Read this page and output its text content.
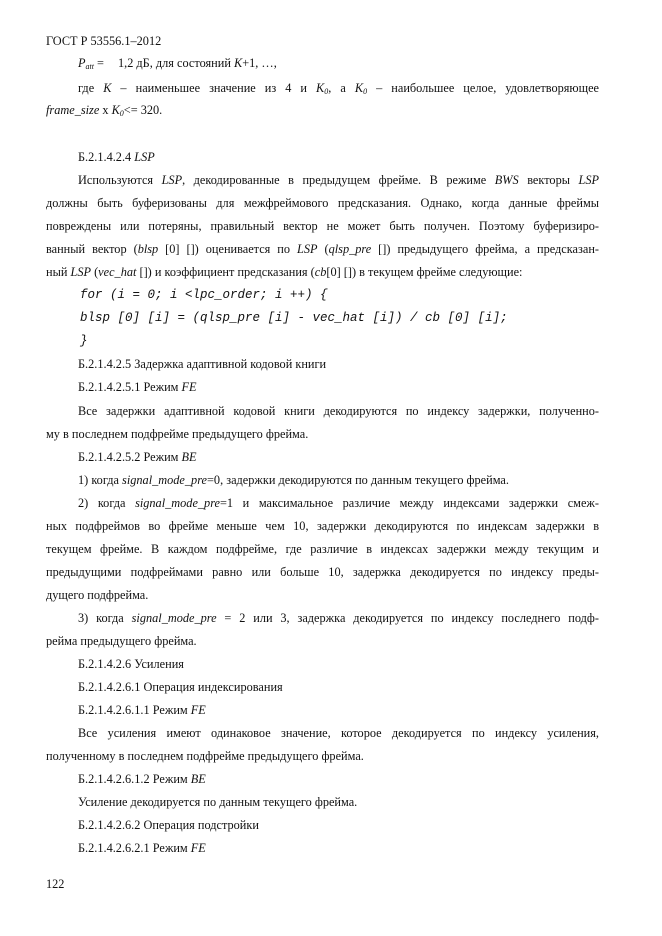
ГОСТ Р 53556.1–2012
$P_{att} = 1,2$ дБ, для состояний K+1, …,
где K – наименьшее значение из 4 и $K_0$, а $K_0$ – наибольшее целое, удовлетворяющее
frame_size x $K_0<= 320$.
Б.2.1.4.2.4 LSP
Используются LSP, декодированные в предыдущем фрейме. В режиме BWS векторы LSP
должны быть буферизованы для межфреймового предсказания. Однако, когда данные фреймы
повреждены или потеряны, правильный вектор не может быть получен. Поэтому буферизиро-
ванный вектор (blsp [0] []) оценивается по LSP (qlsp_pre []) предыдущего фрейма, а предсказан-
ный LSP (vec_hat []) и коэффициент предсказания (cb[0] []) в текущем фрейме следующие:
for (i = 0; i <lpc_order; i ++) {
blsp [0] [i] = (qlsp_pre [i] - vec_hat [i]) / cb [0] [i];
}
Б.2.1.4.2.5 Задержка адаптивной кодовой книги
Б.2.1.4.2.5.1 Режим FE
Все задержки адаптивной кодовой книги декодируются по индексу задержки, полученно-
му в последнем подфрейме предыдущего фрейма.
Б.2.1.4.2.5.2 Режим BE
1) когда signal_mode_pre=0, задержки декодируются по данным текущего фрейма.
2) когда signal_mode_pre=1 и максимальное различие между индексами задержки смеж-
ных подфреймов во фрейме меньше чем 10, задержки декодируются по индексам задержки в
текущем фрейме. В каждом подфрейме, где различие в индексах задержки между текущим и
предыдущими подфреймами равно или больше 10, задержка декодируется по индексу преды-
дущего подфрейма.
3) когда signal_mode_pre = 2 или 3, задержка декодируется по индексу последнего подф-
рейма предыдущего фрейма.
Б.2.1.4.2.6 Усиления
Б.2.1.4.2.6.1 Операция индексирования
Б.2.1.4.2.6.1.1 Режим FE
Все усиления имеют одинаковое значение, которое декодируется по индексу усиления,
полученному в последнем подфрейме предыдущего фрейма.
Б.2.1.4.2.6.1.2 Режим BE
Усиление декодируется по данным текущего фрейма.
Б.2.1.4.2.6.2 Операция подстройки
Б.2.1.4.2.6.2.1 Режим FE
122
